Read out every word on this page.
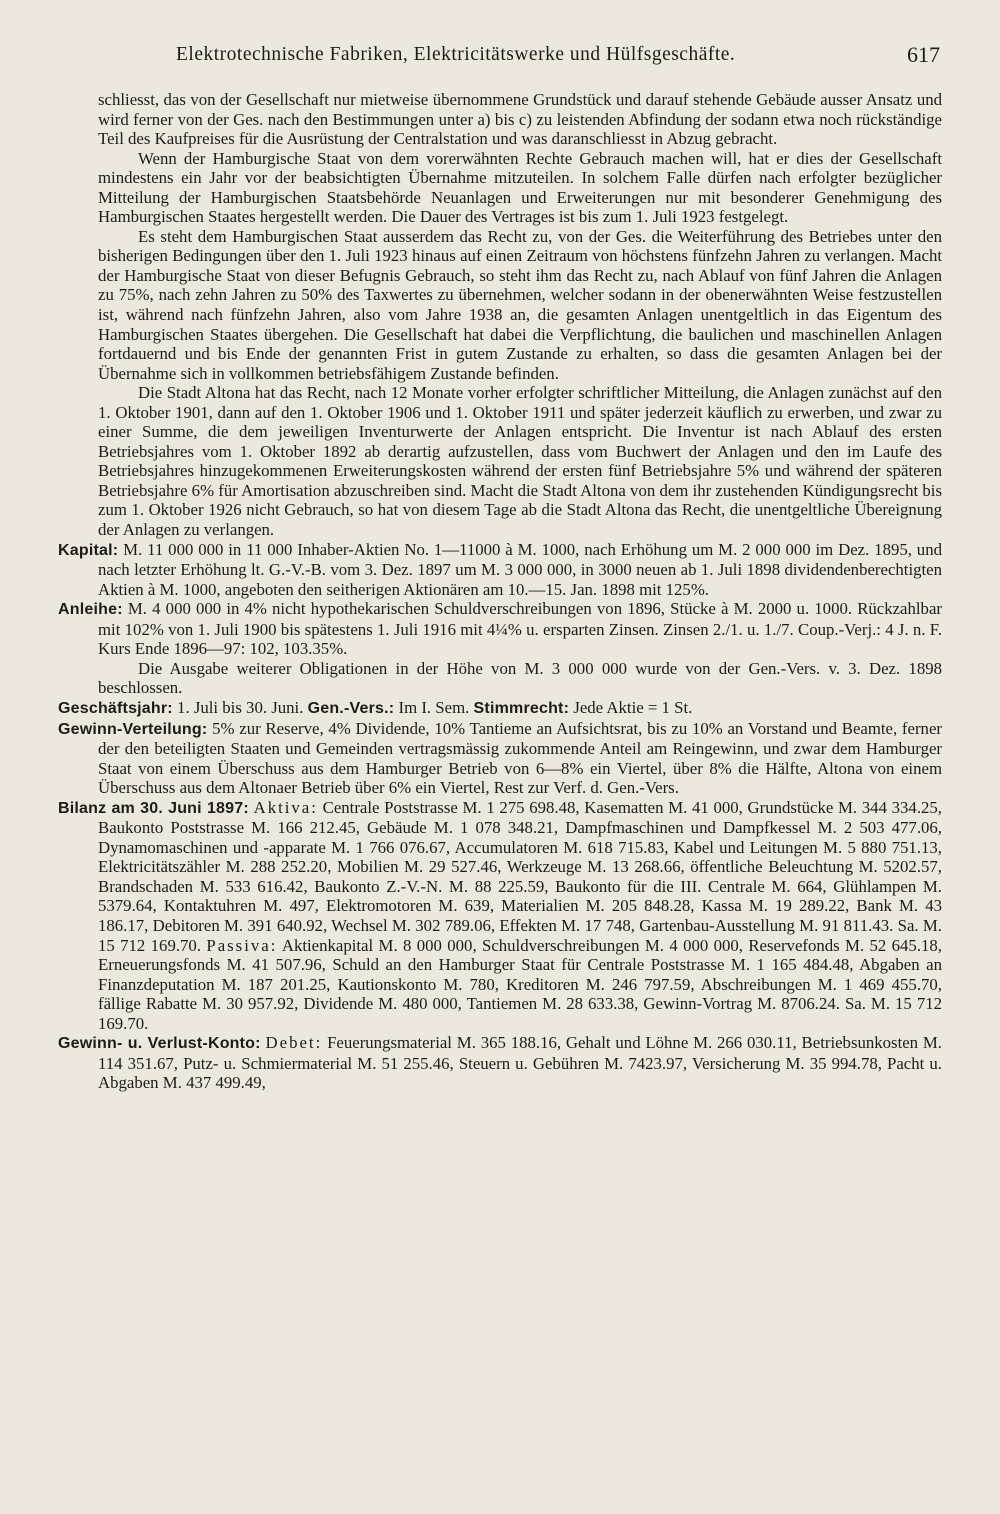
Elektrotechnische Fabriken, Elektricitätswerke und Hülfsgeschäfte.	617

schliesst, das von der Gesellschaft nur mietweise übernommene Grundstück und darauf stehende Gebäude ausser Ansatz und wird ferner von der Ges. nach den Bestimmungen unter a) bis c) zu leistenden Abfindung der sodann etwa noch rückständige Teil des Kaufpreises für die Ausrüstung der Centralstation und was daranschliesst in Abzug gebracht.

Wenn der Hamburgische Staat von dem vorerwähnten Rechte Gebrauch machen will, hat er dies der Gesellschaft mindestens ein Jahr vor der beabsichtigten Übernahme mitzuteilen. In solchem Falle dürfen nach erfolgter bezüglicher Mitteilung der Hamburgischen Staatsbehörde Neuanlagen und Erweiterungen nur mit besonderer Genehmigung des Hamburgischen Staates hergestellt werden. Die Dauer des Vertrages ist bis zum 1. Juli 1923 festgelegt.

Es steht dem Hamburgischen Staat ausserdem das Recht zu, von der Ges. die Weiterführung des Betriebes unter den bisherigen Bedingungen über den 1. Juli 1923 hinaus auf einen Zeitraum von höchstens fünfzehn Jahren zu verlangen. Macht der Hamburgische Staat von dieser Befugnis Gebrauch, so steht ihm das Recht zu, nach Ablauf von fünf Jahren die Anlagen zu 75%, nach zehn Jahren zu 50% des Taxwertes zu übernehmen, welcher sodann in der obenerwähnten Weise festzustellen ist, während nach fünfzehn Jahren, also vom Jahre 1938 an, die gesamten Anlagen unentgeltlich in das Eigentum des Hamburgischen Staates übergehen. Die Gesellschaft hat dabei die Verpflichtung, die baulichen und maschinellen Anlagen fortdauernd und bis Ende der genannten Frist in gutem Zustande zu erhalten, so dass die gesamten Anlagen bei der Übernahme sich in vollkommen betriebsfähigem Zustande befinden.

Die Stadt Altona hat das Recht, nach 12 Monate vorher erfolgter schriftlicher Mitteilung, die Anlagen zunächst auf den 1. Oktober 1901, dann auf den 1. Oktober 1906 und 1. Oktober 1911 und später jederzeit käuflich zu erwerben, und zwar zu einer Summe, die dem jeweiligen Inventurwerte der Anlagen entspricht. Die Inventur ist nach Ablauf des ersten Betriebsjahres vom 1. Oktober 1892 ab derartig aufzustellen, dass vom Buchwert der Anlagen und den im Laufe des Betriebsjahres hinzugekommenen Erweiterungskosten während der ersten fünf Betriebsjahre 5% und während der späteren Betriebsjahre 6% für Amortisation abzuschreiben sind. Macht die Stadt Altona von dem ihr zustehenden Kündigungsrecht bis zum 1. Oktober 1926 nicht Gebrauch, so hat von diesem Tage ab die Stadt Altona das Recht, die unentgeltliche Übereignung der Anlagen zu verlangen.

Kapital: M. 11 000 000 in 11 000 Inhaber-Aktien No. 1—11000 à M. 1000, nach Erhöhung um M. 2 000 000 im Dez. 1895, und nach letzter Erhöhung lt. G.-V.-B. vom 3. Dez. 1897 um M. 3 000 000, in 3000 neuen ab 1. Juli 1898 dividendenberechtigten Aktien à M. 1000, angeboten den seitherigen Aktionären am 10.—15. Jan. 1898 mit 125%.

Anleihe: M. 4 000 000 in 4% nicht hypothekarischen Schuldverschreibungen von 1896, Stücke à M. 2000 u. 1000. Rückzahlbar mit 102% von 1. Juli 1900 bis spätestens 1. Juli 1916 mit 4¼% u. ersparten Zinsen. Zinsen 2./1. u. 1./7. Coup.-Verj.: 4 J. n. F. Kurs Ende 1896—97: 102, 103.35%.

Die Ausgabe weiterer Obligationen in der Höhe von M. 3 000 000 wurde von der Gen.-Vers. v. 3. Dez. 1898 beschlossen.

Geschäftsjahr: 1. Juli bis 30. Juni. Gen.-Vers.: Im I. Sem. Stimmrecht: Jede Aktie = 1 St.

Gewinn-Verteilung: 5% zur Reserve, 4% Dividende, 10% Tantieme an Aufsichtsrat, bis zu 10% an Vorstand und Beamte, ferner der den beteiligten Staaten und Gemeinden vertragsmässig zukommende Anteil am Reingewinn, und zwar dem Hamburger Staat von einem Überschuss aus dem Hamburger Betrieb von 6—8% ein Viertel, über 8% die Hälfte, Altona von einem Überschuss aus dem Altonaer Betrieb über 6% ein Viertel, Rest zur Verf. d. Gen.-Vers.

Bilanz am 30. Juni 1897: Aktiva: Centrale Poststrasse M. 1 275 698.48, Kasematten M. 41 000, Grundstücke M. 344 334.25, Baukonto Poststrasse M. 166 212.45, Gebäude M. 1 078 348.21, Dampfmaschinen und Dampfkessel M. 2 503 477.06, Dynamomaschinen und -apparate M. 1 766 076.67, Accumulatoren M. 618 715.83, Kabel und Leitungen M. 5 880 751.13, Elektricitätszähler M. 288 252.20, Mobilien M. 29 527.46, Werkzeuge M. 13 268.66, öffentliche Beleuchtung M. 5202.57, Brandschaden M. 533 616.42, Baukonto Z.-V.-N. M. 88 225.59, Baukonto für die III. Centrale M. 664, Glühlampen M. 5379.64, Kontaktuhren M. 497, Elektromotoren M. 639, Materialien M. 205 848.28, Kassa M. 19 289.22, Bank M. 43 186.17, Debitoren M. 391 640.92, Wechsel M. 302 789.06, Effekten M. 17 748, Gartenbau-Ausstellung M. 91 811.43. Sa. M. 15 712 169.70. Passiva: Aktienkapital M. 8 000 000, Schuldverschreibungen M. 4 000 000, Reservefonds M. 52 645.18, Erneuerungsfonds M. 41 507.96, Schuld an den Hamburger Staat für Centrale Poststrasse M. 1 165 484.48, Abgaben an Finanzdeputation M. 187 201.25, Kautionskonto M. 780, Kreditoren M. 246 797.59, Abschreibungen M. 1 469 455.70, fällige Rabatte M. 30 957.92, Dividende M. 480 000, Tantiemen M. 28 633.38, Gewinn-Vortrag M. 8706.24. Sa. M. 15 712 169.70.

Gewinn- u. Verlust-Konto: Debet: Feuerungsmaterial M. 365 188.16, Gehalt und Löhne M. 266 030.11, Betriebsunkosten M. 114 351.67, Putz- u. Schmiermaterial M. 51 255.46, Steuern u. Gebühren M. 7423.97, Versicherung M. 35 994.78, Pacht u. Abgaben M. 437 499.49,
